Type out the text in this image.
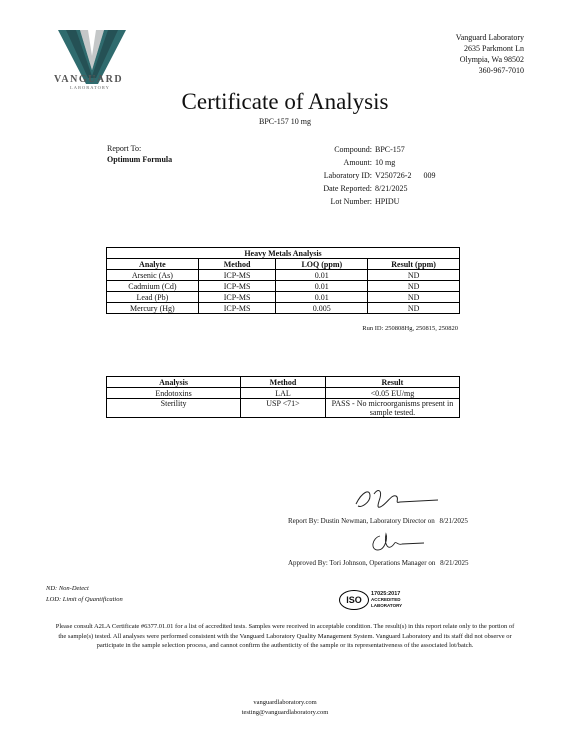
VANGUARD
LABORATORY
Vanguard Laboratory
2635 Parkmont Ln
Olympia, Wa 98502
360-967-7010
Certificate of Analysis
BPC-157 10 mg
Report To:
Optimum Formula
Compound: BPC-157
Amount: 10 mg
Laboratory ID: V250726-2      009
Date Reported: 8/21/2025
Lot Number: HPIDU
Heavy Metals Analysis			
Analyte	Method	LOQ (ppm)	Result (ppm)
Arsenic (As)	ICP-MS	0.01	ND
Cadmium (Cd)	ICP-MS	0.01	ND
Lead (Pb)	ICP-MS	0.01	ND
Mercury (Hg)	ICP-MS	0.005	ND
Run ID: 250808Hg, 250815, 250820
Analysis	Method	Result
Endotoxins	LAL	<0.05 EU/mg
Sterility	USP <71>	PASS - No microorganisms present in sample tested.
Report By: Dustin Newman, Laboratory Director on 8/21/2025
Approved By: Tori Johnson, Operations Manager on 8/21/2025
ND: Non-Detect
LOD: Limit of Quantification	ISO
17025:2017
ACCREDITED
LABORATORY
Please consult A2LA Certificate #6377.01.01 for a list of accredited tests. Samples were received in acceptable condition. The result(s) in this report relate only to the portion of the sample(s) tested. All analyses were performed consistent with the Vanguard Laboratory Quality Management System. Vanguard Laboratory and its staff did not observe or participate in the sample selection process, and cannot confirm the authenticity of the sample or its representativeness of the associated lot/batch.
vanguardlaboratory.com
testing@vanguardlaboratory.com
